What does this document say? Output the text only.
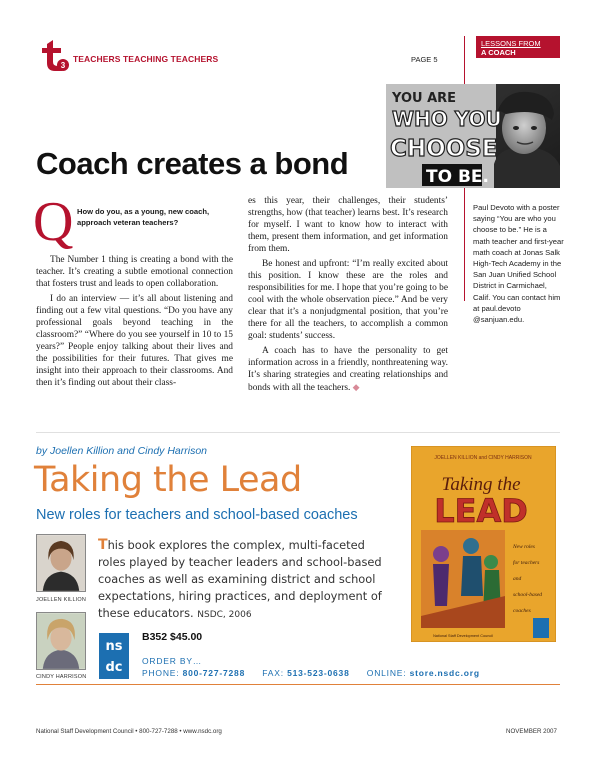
3
TEACHERS TEACHING TEACHERS	PAGE 5
LESSONS FROM
A COACH
YOU ARE
WHO YOU
CHOOSE
TO BE.
Coach creates a bond
Q How do you, as a young, new coach, approach veteran teachers?

The Number 1 thing is creating a bond with the teacher. It’s creating a subtle emotional connection that fosters trust and leads to open collaboration.

I do an interview — it’s all about listening and finding out a few vital questions. “Do you have any professional goals beyond teaching in the classroom?” “Where do you see yourself in 10 to 15 years?” People enjoy talking about their lives and the possibilities for their futures. That gives me insight into their approach to their classrooms. And then it’s finding out about their class-

es this year, their challenges, their students’ strengths, how (that teacher) learns best. It’s research for myself. I want to know how to interact with them, present them information, and get information from them.

Be honest and upfront: “I’m really excited about this position. I know these are the roles and responsibilities for me. I hope that you’re going to be cool with the whole observation piece.” And be very clear that it’s a nonjudgmental position, that you’re there for all the teachers, to accomplish a common goal: students’ success.

A coach has to have the personality to get information across in a friendly, nonthreatening way. It’s sharing strategies and creating relationships and bonds with all the teachers. ◆

Paul Devoto with a poster saying “You are who you choose to be.” He is a math teacher and first-year math coach at Jonas Salk High-Tech Academy in the San Juan Unified School District in Carmichael, Calif. You can contact him at paul.devoto @sanjuan.edu.
by Joellen Killion and Cindy Harrison
Taking the Lead
New roles for teachers and school-based coaches
JOELLEN KILLION and CINDY HARRISON
Taking the
LEAD
New roles
for teachers
and
school-based
coaches
National Staff Development Council
JOELLEN KILLION
CINDY HARRISON
This book explores the complex, multi-faceted roles played by teacher leaders and school-based coaches as well as examining district and school expectations, hiring practices, and deployment of these educators. NSDC, 2006
ns
dc
B352 $45.00
ORDER BY…
PHONE: 800-727-7288 FAX: 513-523-0638 ONLINE: store.nsdc.org
National Staff Development Council • 800-727-7288 • www.nsdc.org	NOVEMBER 2007
